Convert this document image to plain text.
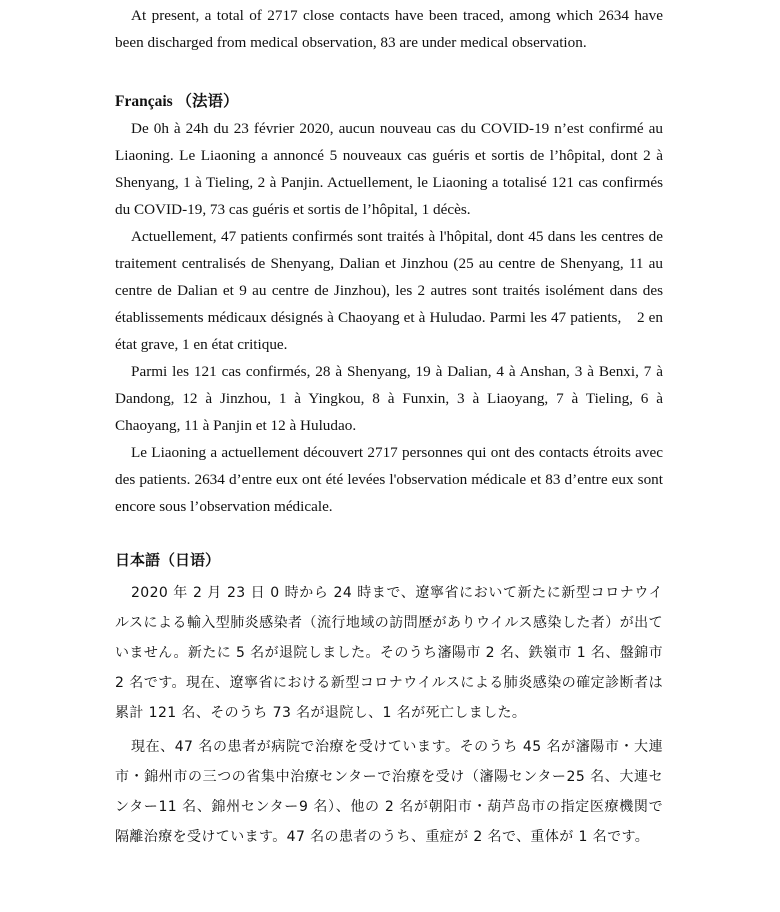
At present, a total of 2717 close contacts have been traced, among which 2634 have been discharged from medical observation, 83 are under medical observation.

Français （法语）

De 0h à 24h du 23 février 2020, aucun nouveau cas du COVID-19 n’est confirmé au Liaoning. Le Liaoning a annoncé 5 nouveaux cas guéris et sortis de l’hôpital, dont 2 à Shenyang, 1 à Tieling, 2 à Panjin. Actuellement, le Liaoning a totalisé 121 cas confirmés du COVID-19, 73 cas guéris et sortis de l’hôpital, 1 décès.

Actuellement, 47 patients confirmés sont traités à l'hôpital, dont 45 dans les centres de traitement centralisés de Shenyang, Dalian et Jinzhou (25 au centre de Shenyang, 11 au centre de Dalian et 9 au centre de Jinzhou), les 2 autres sont traités isolément dans des établissements médicaux désignés à Chaoyang et à Huludao. Parmi les 47 patients,　2 en état grave, 1 en état critique.

Parmi les 121 cas confirmés, 28 à Shenyang, 19 à Dalian, 4 à Anshan, 3 à Benxi, 7 à Dandong, 12 à Jinzhou, 1 à Yingkou, 8 à Funxin, 3 à Liaoyang, 7 à Tieling, 6 à Chaoyang, 11 à Panjin et 12 à Huludao.

Le Liaoning a actuellement découvert 2717 personnes qui ont des contacts étroits avec des patients. 2634 d’entre eux ont été levées l'observation médicale et 83 d’entre eux sont encore sous l’observation médicale.

日本語（日语）

2020 年 2 月 23 日 0 時から 24 時まで、遼寧省において新たに新型コロナウイルスによる輸入型肺炎感染者（流行地域の訪問歴がありウイルス感染した者）が出ていません。新たに 5 名が退院しました。そのうち瀋陽市 2 名、鉄嶺市 1 名、盤錦市 2 名です。現在、遼寧省における新型コロナウイルスによる肺炎感染の確定診断者は累計 121 名、そのうち 73 名が退院し、1 名が死亡しました。

現在、47 名の患者が病院で治療を受けています。そのうち 45 名が瀋陽市・大連市・錦州市の三つの省集中治療センターで治療を受け（瀋陽センター25 名、大連センター11 名、錦州センター9 名）、他の 2 名が朝阳市・葫芦岛市の指定医療機関で隔離治療を受けています。47 名の患者のうち、重症が 2 名で、重体が 1 名です。
